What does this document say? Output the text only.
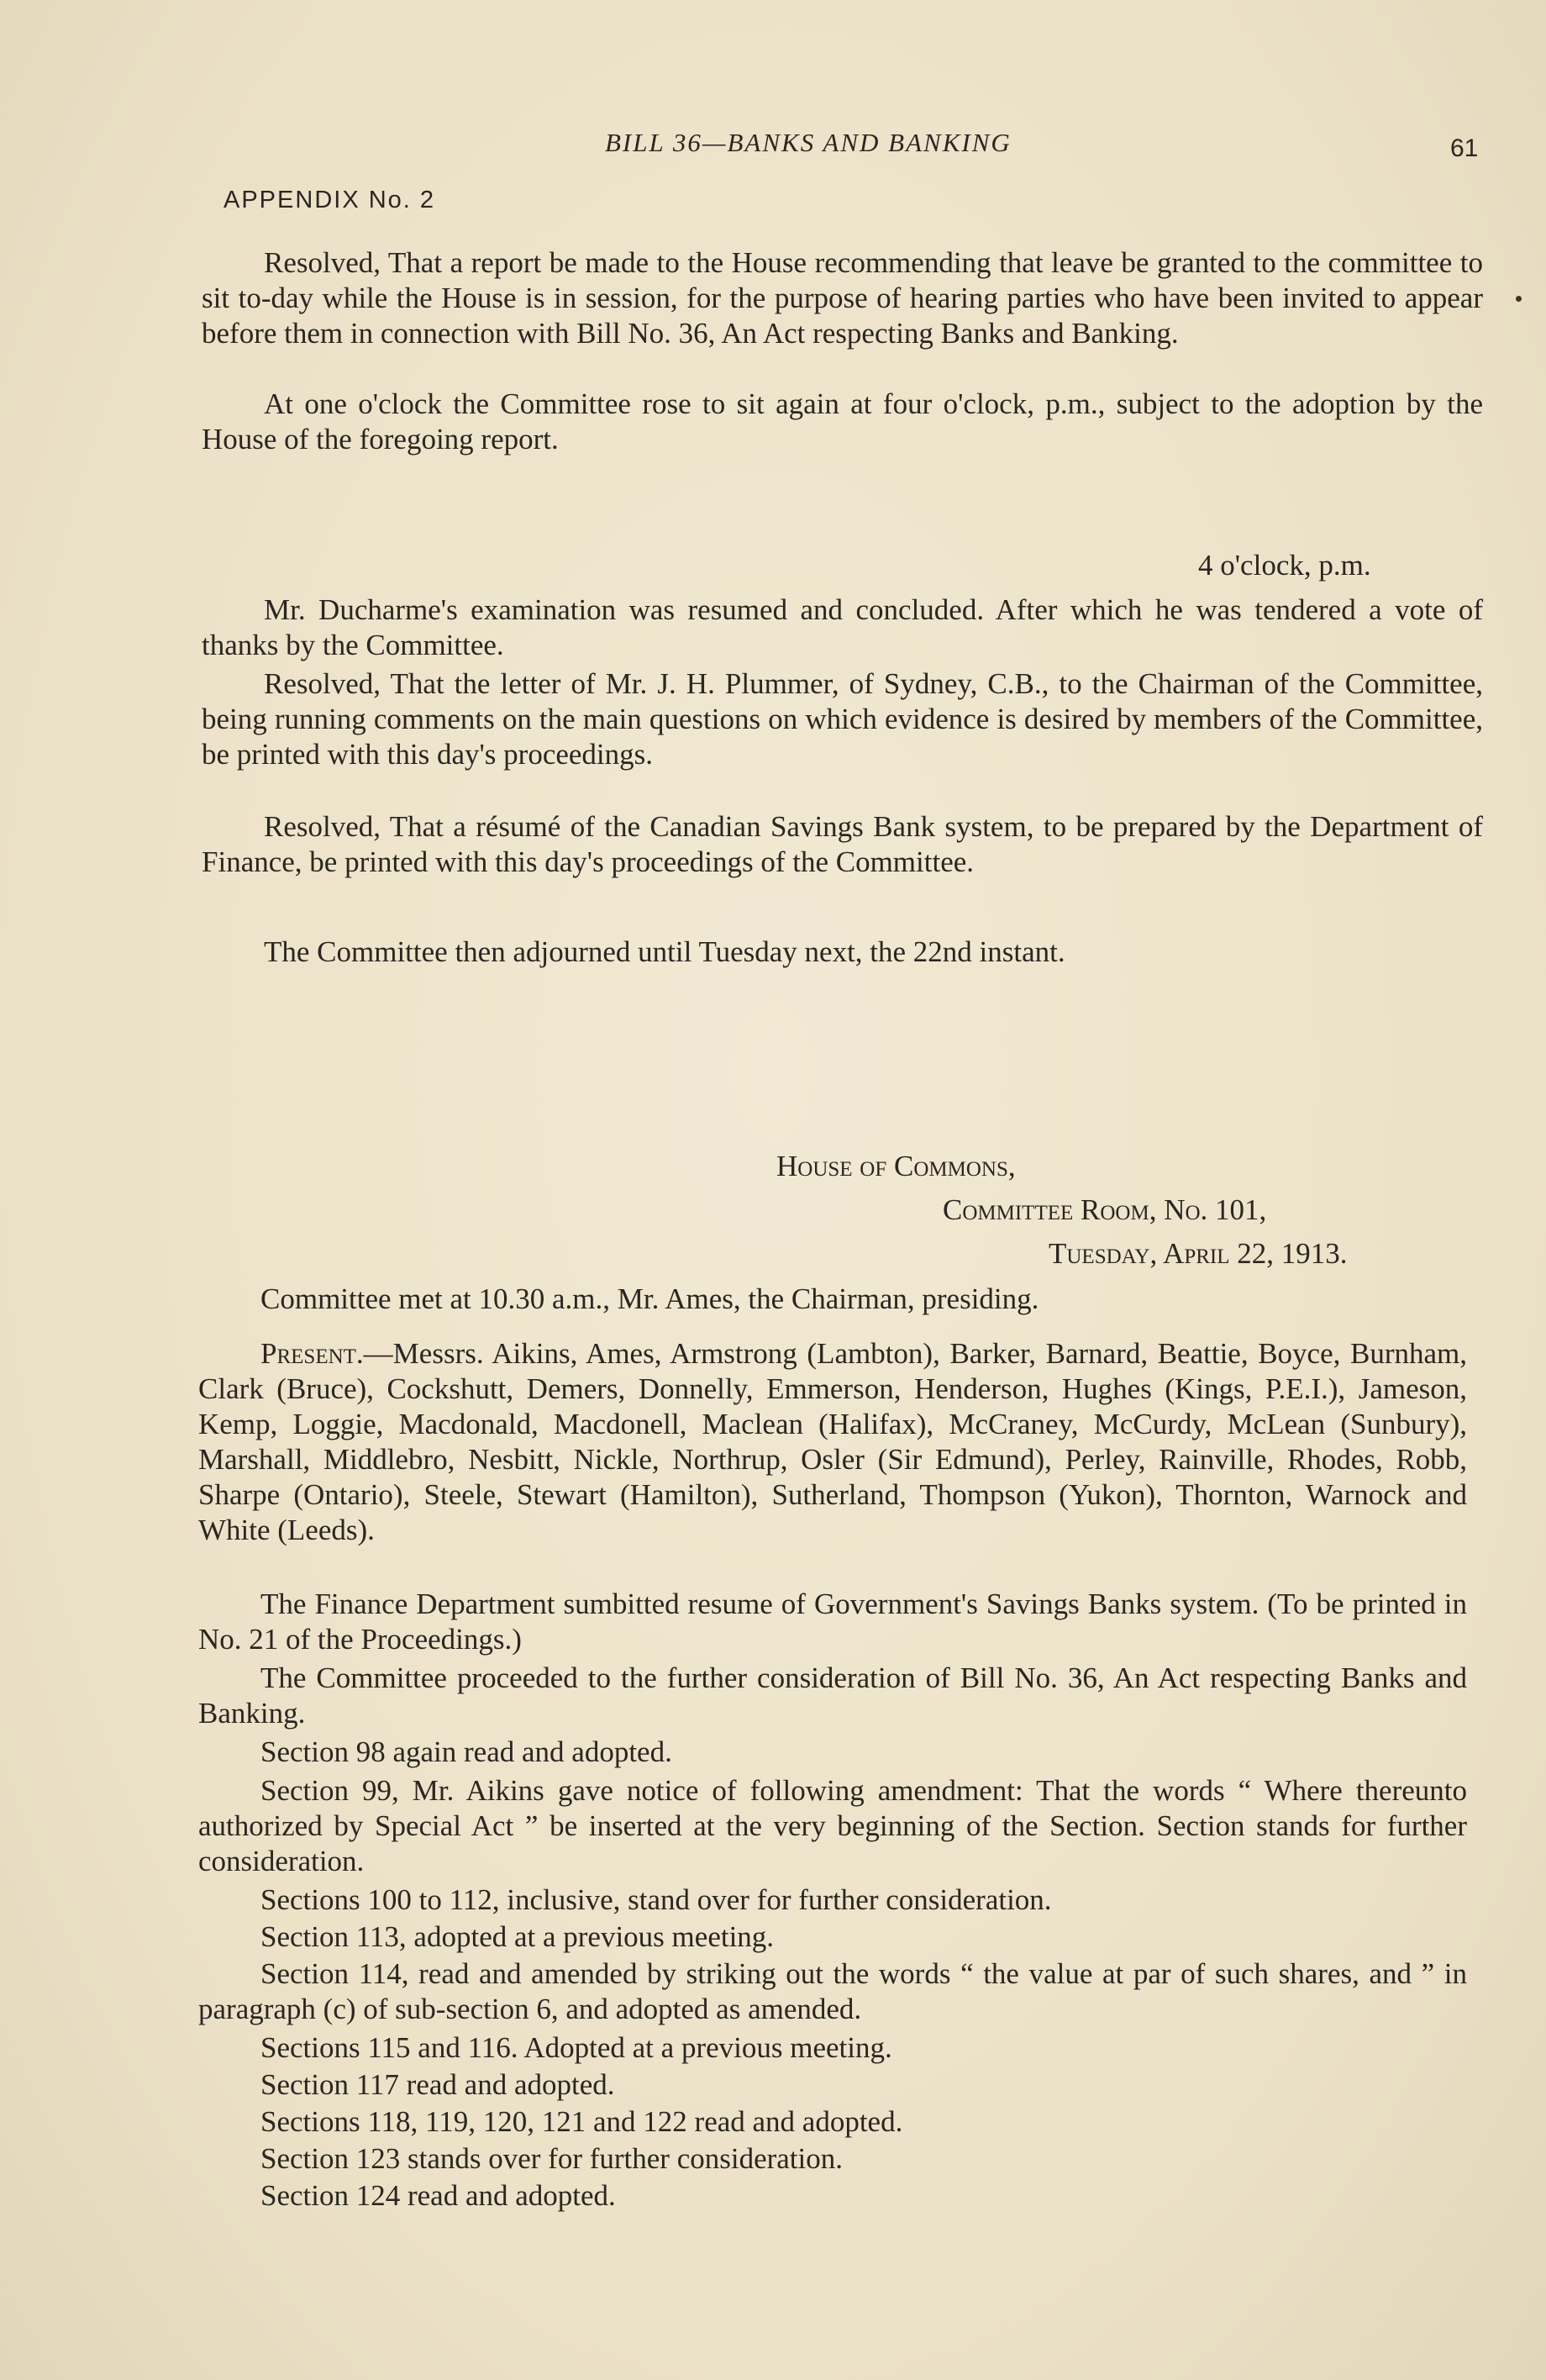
BILL 36—BANKS AND BANKING	61
APPENDIX No. 2

Resolved, That a report be made to the House recommending that leave be granted to the committee to sit to-day while the House is in session, for the purpose of hearing parties who have been invited to appear before them in connection with Bill No. 36, An Act respecting Banks and Banking.

At one o'clock the Committee rose to sit again at four o'clock, p.m., subject to the adoption by the House of the foregoing report.

4 o'clock, p.m.

Mr. Ducharme's examination was resumed and concluded. After which he was tendered a vote of thanks by the Committee.

Resolved, That the letter of Mr. J. H. Plummer, of Sydney, C.B., to the Chairman of the Committee, being running comments on the main questions on which evidence is desired by members of the Committee, be printed with this day's proceedings.

Resolved, That a résumé of the Canadian Savings Bank system, to be prepared by the Department of Finance, be printed with this day's proceedings of the Committee.

The Committee then adjourned until Tuesday next, the 22nd instant.

House of Commons,
Committee Room, No. 101,
Tuesday, April 22, 1913.

Committee met at 10.30 a.m., Mr. Ames, the Chairman, presiding.

Present.—Messrs. Aikins, Ames, Armstrong (Lambton), Barker, Barnard, Beattie, Boyce, Burnham, Clark (Bruce), Cockshutt, Demers, Donnelly, Emmerson, Henderson, Hughes (Kings, P.E.I.), Jameson, Kemp, Loggie, Macdonald, Macdonell, Maclean (Halifax), McCraney, McCurdy, McLean (Sunbury), Marshall, Middlebro, Nesbitt, Nickle, Northrup, Osler (Sir Edmund), Perley, Rainville, Rhodes, Robb, Sharpe (Ontario), Steele, Stewart (Hamilton), Sutherland, Thompson (Yukon), Thornton, Warnock and White (Leeds).

The Finance Department sumbitted resume of Government's Savings Banks system. (To be printed in No. 21 of the Proceedings.)

The Committee proceeded to the further consideration of Bill No. 36, An Act respecting Banks and Banking.

Section 98 again read and adopted.

Section 99, Mr. Aikins gave notice of following amendment: That the words “ Where thereunto authorized by Special Act ” be inserted at the very beginning of the Section. Section stands for further consideration.

Sections 100 to 112, inclusive, stand over for further consideration.

Section 113, adopted at a previous meeting.

Section 114, read and amended by striking out the words “ the value at par of such shares, and ” in paragraph (c) of sub-section 6, and adopted as amended.

Sections 115 and 116. Adopted at a previous meeting.

Section 117 read and adopted.

Sections 118, 119, 120, 121 and 122 read and adopted.

Section 123 stands over for further consideration.

Section 124 read and adopted.
